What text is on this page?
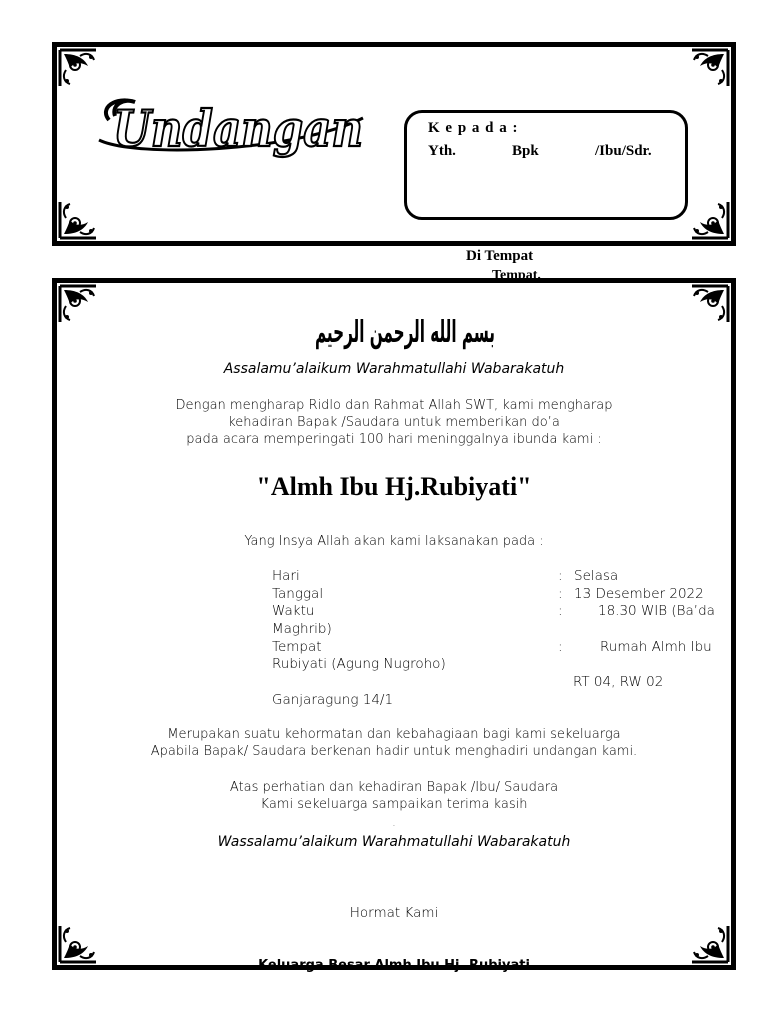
Undangan	K e p a d a :
Yth.	Bpk	/Ibu/Sdr.
Di Tempat
Tempat.
بسم الله الرحمن الرحيم
Assalamu’alaikum Warahmatullahi Wabarakatuh
Dengan mengharap Ridlo dan Rahmat Allah SWT, kami mengharap
kehadiran Bapak /Saudara untuk memberikan do’a
pada acara memperingati 100 hari meninggalnya ibunda kami :
"Almh Ibu Hj.Rubiyati"
Yang Insya Allah akan kami laksanakan pada :
Hari	: Selasa
Tanggal	: 13 Desember 2022
Waktu	:	18.30 WIB (Ba’da
Maghrib)
Tempat	:	Rumah Almh Ibu
Rubiyati (Agung Nugroho)
RT 04, RW 02
Ganjaragung 14/1
Merupakan suatu kehormatan dan kebahagiaan bagi kami sekeluarga
Apabila Bapak/ Saudara berkenan hadir untuk menghadiri undangan kami.
Atas perhatian dan kehadiran Bapak /Ibu/ Saudara
Kami sekeluarga sampaikan terima kasih
.
Wassalamu’alaikum Warahmatullahi Wabarakatuh
Hormat Kami
Keluarga Besar Almh Ibu Hj. Rubiyati
